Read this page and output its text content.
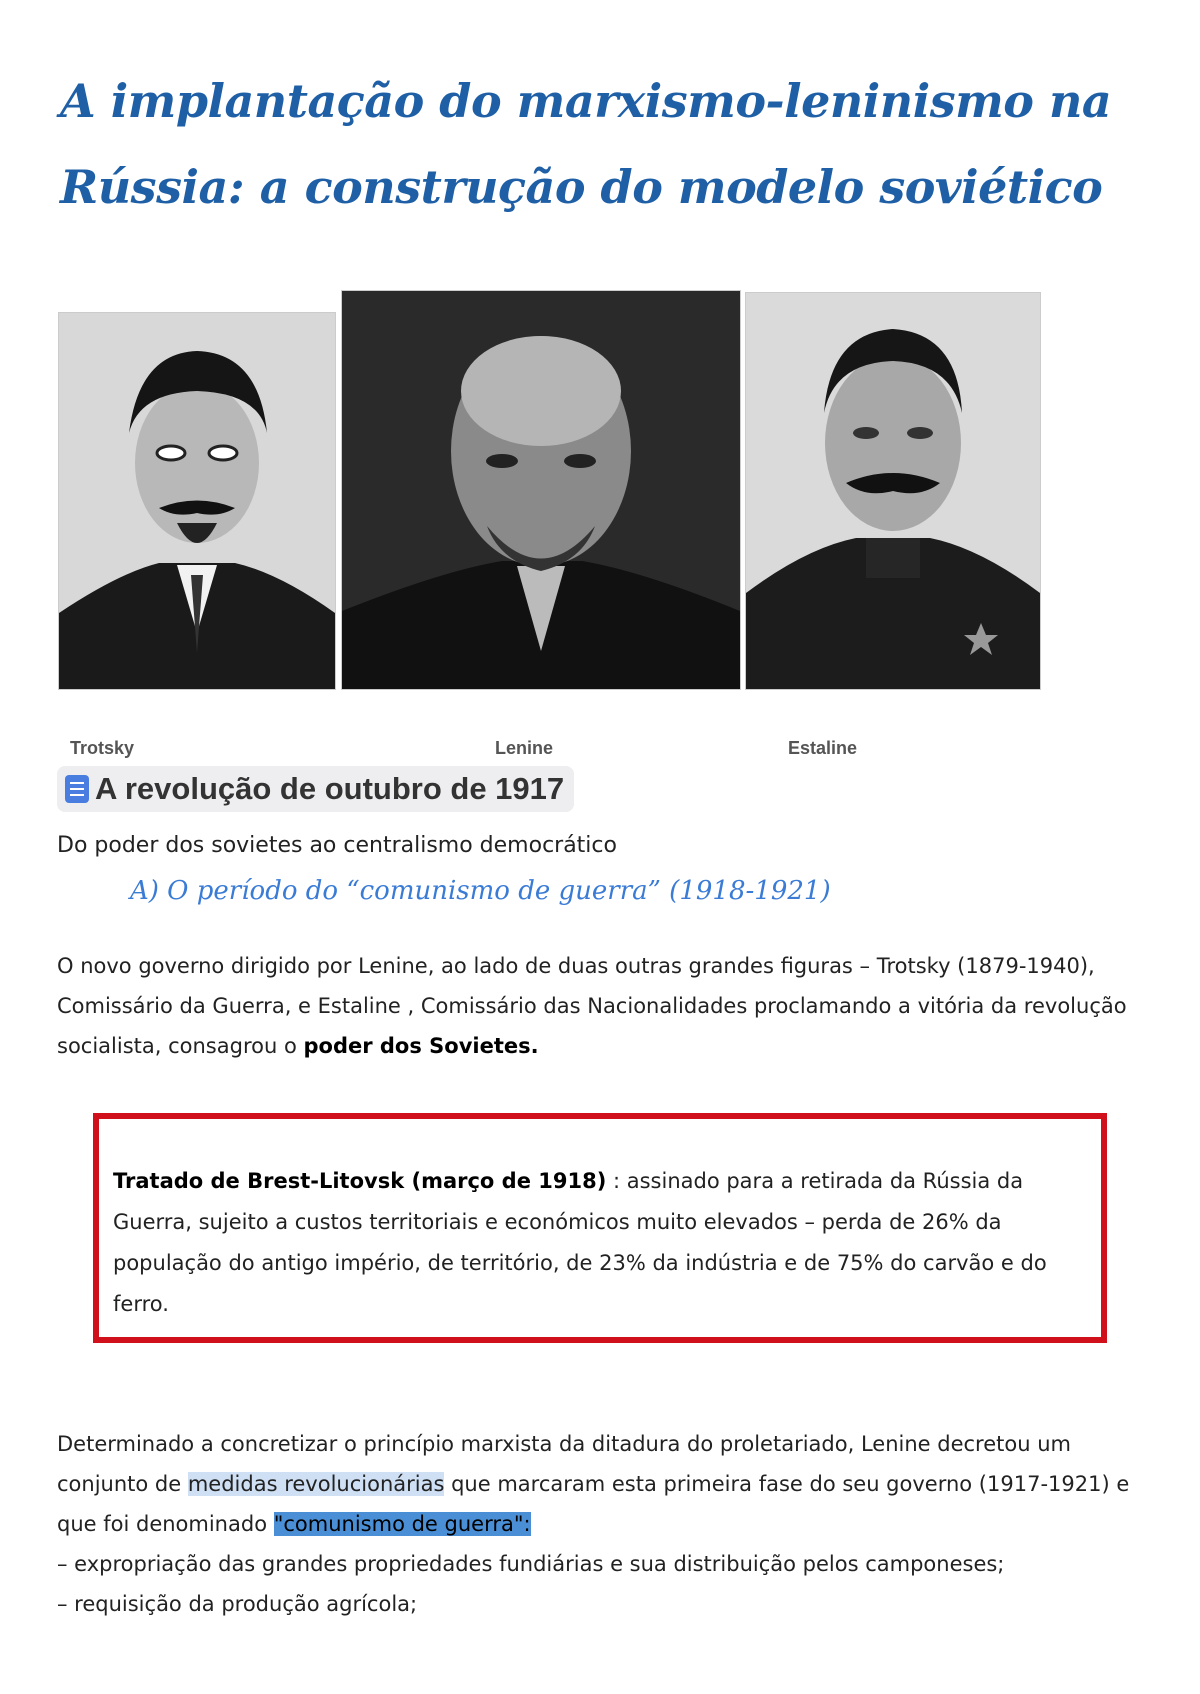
A implantação do marxismo-leninismo na Rússia: a construção do modelo soviético
Trotsky	Lenine	Estaline
A revolução de outubro de 1917
Do poder dos sovietes ao centralismo democrático
A) O período do “comunismo de guerra” (1918-1921)

O novo governo dirigido por Lenine, ao lado de duas outras grandes figuras – Trotsky (1879-1940), Comissário da Guerra, e Estaline , Comissário das Nacionalidades proclamando a vitória da revolução socialista, consagrou o poder dos Sovietes.

Tratado de Brest-Litovsk (março de 1918) : assinado para a retirada da Rússia da Guerra, sujeito a custos territoriais e económicos muito elevados – perda de 26% da população do antigo império, de território, de 23% da indústria e de 75% do carvão e do ferro.

Determinado a concretizar o princípio marxista da ditadura do proletariado, Lenine decretou um conjunto de medidas revolucionárias que marcaram esta primeira fase do seu governo (1917-1921) e que foi denominado "comunismo de guerra":
– expropriação das grandes propriedades fundiárias e sua distribuição pelos camponeses;
– requisição da produção agrícola;
